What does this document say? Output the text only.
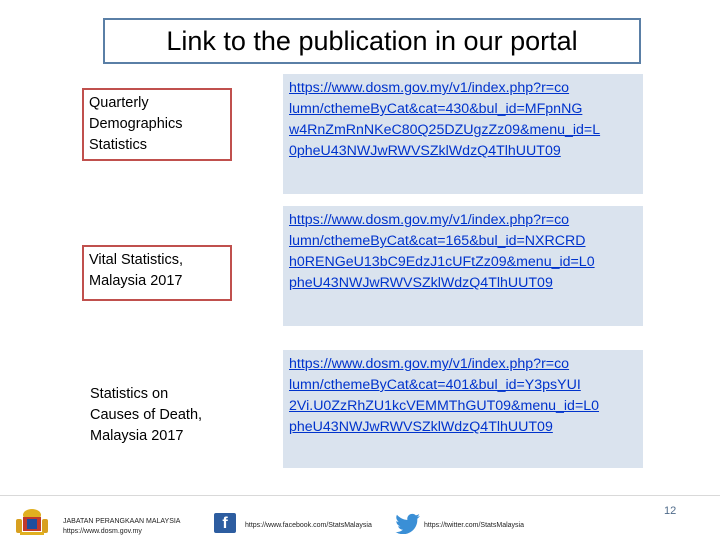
Link to the publication in our portal
Quarterly
Demographics
Statistics
https://www.dosm.gov.my/v1/index.php?r=co
lumn/cthemeByCat&cat=430&bul_id=MFpnNG
w4RnZmRnNKeC80Q25DZUgzZz09&menu_id=L
0pheU43NWJwRWVSZklWdzQ4TlhUUT09
Vital Statistics,
Malaysia 2017
https://www.dosm.gov.my/v1/index.php?r=co
lumn/cthemeByCat&cat=165&bul_id=NXRCRD
h0RENGeU13bC9EdzJ1cUFtZz09&menu_id=L0
pheU43NWJwRWVSZklWdzQ4TlhUUT09
Statistics on
Causes of Death,
Malaysia 2017
https://www.dosm.gov.my/v1/index.php?r=co
lumn/cthemeByCat&cat=401&bul_id=Y3psYUI
2Vi.U0ZzRhZU1kcVEMMThGUT09&menu_id=L0
pheU43NWJwRWVSZklWdzQ4TlhUUT09
JABATAN PERANGKAAN MALAYSIA
https://www.dosm.gov.my	f	https://www.facebook.com/StatsMalaysia	https://twitter.com/StatsMalaysia
12
